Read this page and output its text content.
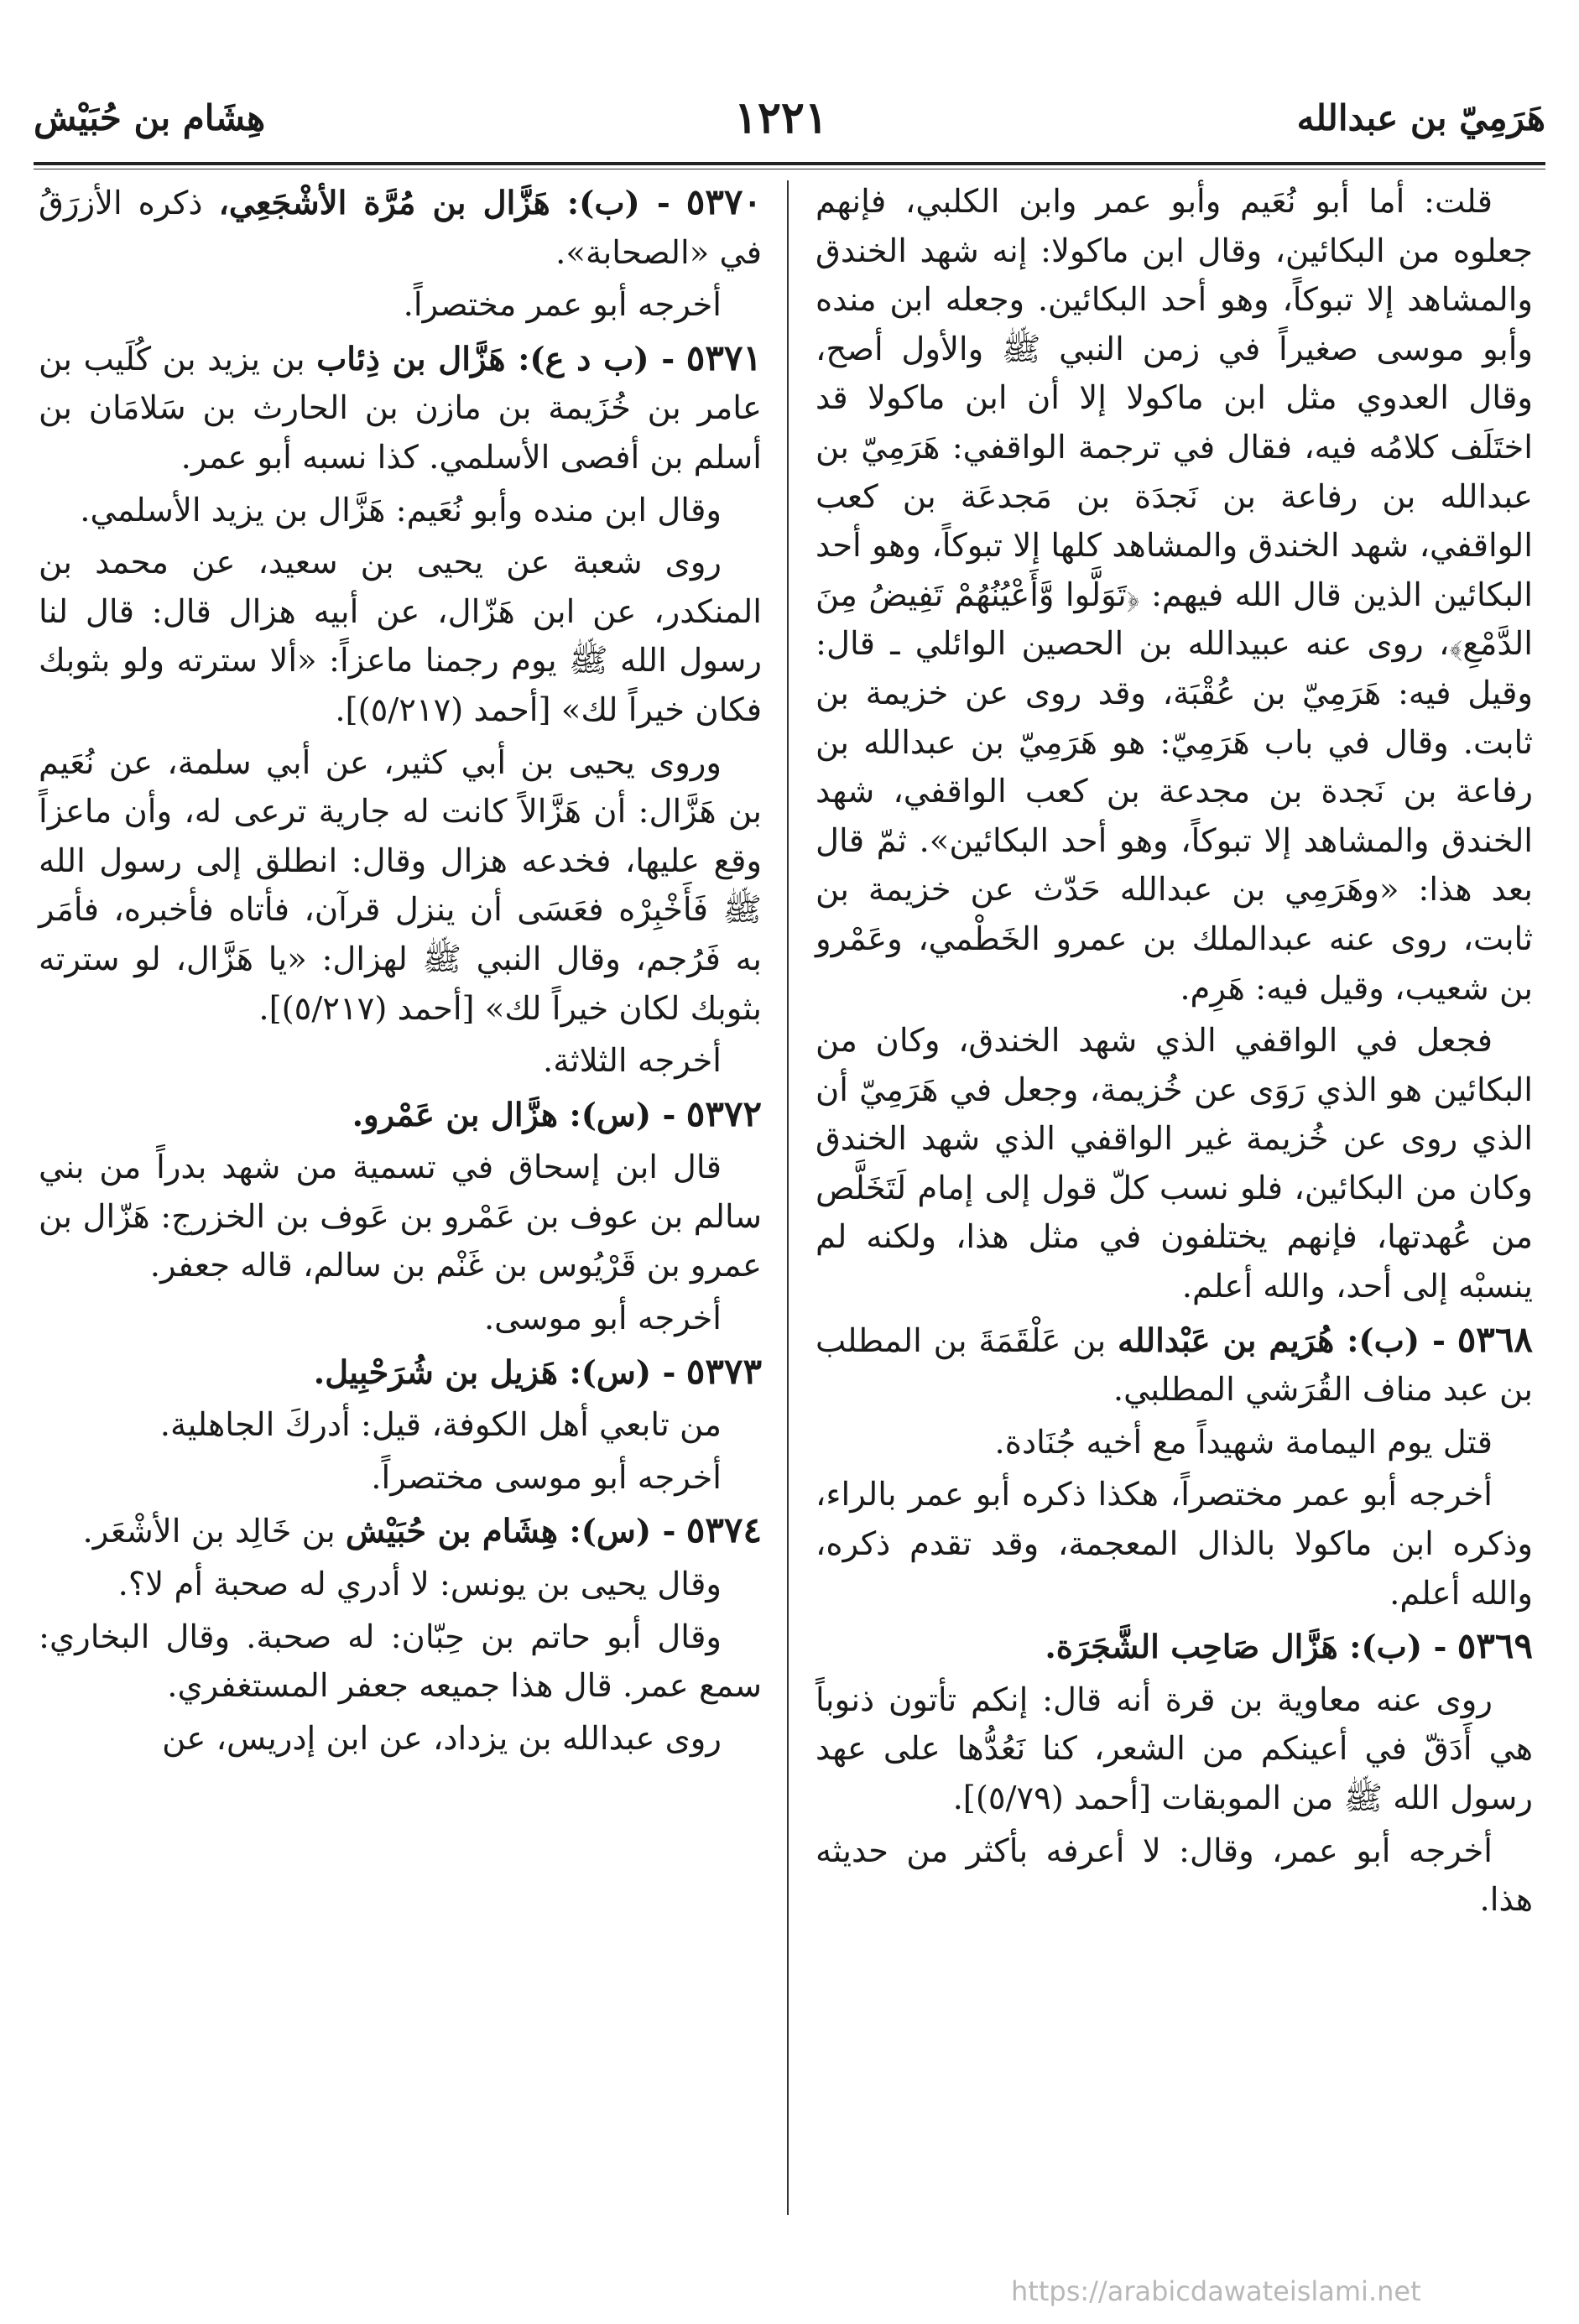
هَرَمِيّ بن عبدالله
١٢٢١
هِشَام بن حُبَيْش

قلت: أما أبو نُعَيم وأبو عمر وابن الكلبي، فإنهم جعلوه من البكائين، وقال ابن ماكولا: إنه شهد الخندق والمشاهد إلا تبوكاً، وهو أحد البكائين. وجعله ابن منده وأبو موسى صغيراً في زمن النبي ﷺ والأول أصح، وقال العدوي مثل ابن ماكولا إلا أن ابن ماكولا قد اختَلَف كلامُه فيه، فقال في ترجمة الواقفي: هَرَمِيّ بن عبدالله بن رفاعة بن نَجدَة بن مَجدعَة بن كعب الواقفي، شهد الخندق والمشاهد كلها إلا تبوكاً، وهو أحد البكائين الذين قال الله فيهم: ﴿تَوَلَّوا وَّأَعْيُنُهُمْ تَفِيضُ مِنَ الدَّمْعِ﴾، روى عنه عبيدالله بن الحصين الوائلي ـ قال: وقيل فيه: هَرَمِيّ بن عُقْبَة، وقد روى عن خزيمة بن ثابت. وقال في باب هَرَمِيّ: هو هَرَمِيّ بن عبدالله بن رفاعة بن نَجدة بن مجدعة بن كعب الواقفي، شهد الخندق والمشاهد إلا تبوكاً، وهو أحد البكائين». ثمّ قال بعد هذا: «وهَرَمِي بن عبدالله حَدّث عن خزيمة بن ثابت، روى عنه عبدالملك بن عمرو الخَطْمي، وعَمْرو بن شعيب، وقيل فيه: هَرِم.

فجعل في الواقفي الذي شهد الخندق، وكان من البكائين هو الذي رَوَى عن خُزيمة، وجعل في هَرَمِيّ أن الذي روى عن خُزيمة غير الواقفي الذي شهد الخندق وكان من البكائين، فلو نسب كلّ قول إلى إمام لَتَخَلَّص من عُهدتها، فإنهم يختلفون في مثل هذا، ولكنه لم ينسبْه إلى أحد، والله أعلم.

٥٣٦٨ - (ب): هُرَيم بن عَبْدالله بن عَلْقَمَةَ بن المطلب بن عبد مناف القُرَشي المطلبي.

قتل يوم اليمامة شهيداً مع أخيه جُنَادة.

أخرجه أبو عمر مختصراً، هكذا ذكره أبو عمر بالراء، وذكره ابن ماكولا بالذال المعجمة، وقد تقدم ذكره، والله أعلم.

٥٣٦٩ - (ب): هَزَّال صَاحِب الشَّجَرَة.

روى عنه معاوية بن قرة أنه قال: إنكم تأتون ذنوباً هي أَدَقّ في أعينكم من الشعر، كنا نَعُدُّها على عهد رسول الله ﷺ من الموبقات [أحمد (٥/٧٩)].

أخرجه أبو عمر، وقال: لا أعرفه بأكثر من حديثه هذا.

٥٣٧٠ - (ب): هَزَّال بن مُرَّة الأشْجَعِي، ذكره الأزرَقُ في «الصحابة».

أخرجه أبو عمر مختصراً.

٥٣٧١ - (ب د ع): هَزَّال بن ذِئاب بن يزيد بن كُلَيب بن عامر بن خُزَيمة بن مازن بن الحارث بن سَلامَان بن أسلم بن أفصى الأسلمي. كذا نسبه أبو عمر.

وقال ابن منده وأبو نُعَيم: هَزَّال بن يزيد الأسلمي.

روى شعبة عن يحيى بن سعيد، عن محمد بن المنكدر، عن ابن هَزّال، عن أبيه هزال قال: قال لنا رسول الله ﷺ يوم رجمنا ماعزاً: «ألا سترته ولو بثوبك فكان خيراً لك» [أحمد (٥/٢١٧)].

وروى يحيى بن أبي كثير، عن أبي سلمة، عن نُعَيم بن هَزَّال: أن هَزَّالاً كانت له جارية ترعى له، وأن ماعزاً وقع عليها، فخدعه هزال وقال: انطلق إلى رسول الله ﷺ فَأَخْبِرْه فعَسَى أن ينزل قرآن، فأتاه فأخبره، فأمَر به فَرُجم، وقال النبي ﷺ لهزال: «يا هَزَّال، لو سترته بثوبك لكان خيراً لك» [أحمد (٥/٢١٧)].

أخرجه الثلاثة.

٥٣٧٢ - (س): هزَّال بن عَمْرو.

قال ابن إسحاق في تسمية من شهد بدراً من بني سالم بن عوف بن عَمْرو بن عَوف بن الخزرج: هَزّال بن عمرو بن قَرْيُوس بن غَنْم بن سالم، قاله جعفر.

أخرجه أبو موسى.

٥٣٧٣ - (س): هَزيل بن شُرَحْبِيل.

من تابعي أهل الكوفة، قيل: أدركَ الجاهلية.

أخرجه أبو موسى مختصراً.

٥٣٧٤ - (س): هِشَام بن حُبَيْش بن خَالِد بن الأشْعَر.

وقال يحيى بن يونس: لا أدري له صحبة أم لا؟.

وقال أبو حاتم بن حِبّان: له صحبة. وقال البخاري: سمع عمر. قال هذا جميعه جعفر المستغفري.

روى عبدالله بن يزداد، عن ابن إدريس، عن

https://arabicdawateislami.net
